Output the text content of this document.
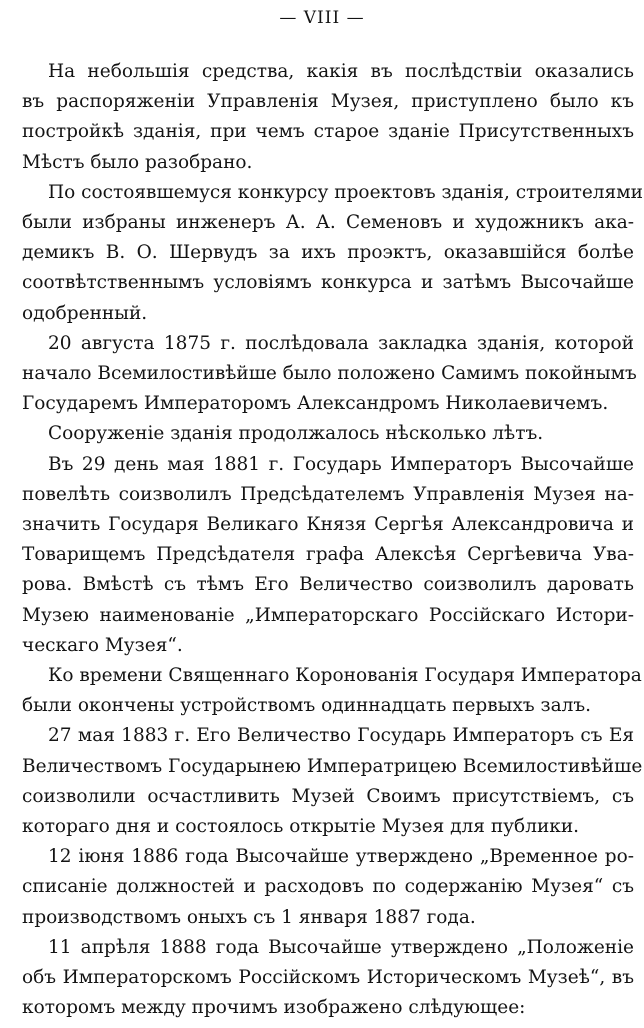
— VIII —
На небольшія средства, какія въ послѣдствіи оказались
въ распоряженіи Управленія Музея, приступлено было къ
постройкѣ зданія, при чемъ старое зданіе Присутственныхъ
Мѣстъ было разобрано.
По состоявшемуся конкурсу проектовъ зданія, строителями
были избраны инженеръ А. А. Семеновъ и художникъ ака-
демикъ В. О. Шервудъ за ихъ проэктъ, оказавшійся болѣе
соотвѣтственнымъ условіямъ конкурса и затѣмъ Высочайше
одобренный.
20 августа 1875 г. послѣдовала закладка зданія, которой
начало Всемилостивѣйше было положено Самимъ покойнымъ
Государемъ Императоромъ Александромъ Николаевичемъ.
Сооруженіе зданія продолжалось нѣсколько лѣтъ.
Въ 29 день мая 1881 г. Государь Императоръ Высочайше
повелѣть соизволилъ Предсѣдателемъ Управленія Музея на-
значить Государя Великаго Князя Сергѣя Александровича и
Товарищемъ Предсѣдателя графа Алексѣя Сергѣевича Ува-
рова. Вмѣстѣ съ тѣмъ Его Величество соизволилъ даровать
Музею наименованіе „Императорскаго Россійскаго Истори-
ческаго Музея“.
Ко времени Священнаго Коронованія Государя Императора
были окончены устройствомъ одиннадцать первыхъ залъ.
27 мая 1883 г. Его Величество Государь Императоръ съ Ея
Величествомъ Государынею Императрицею Всемилостивѣйше
соизволили осчастливить Музей Своимъ присутствіемъ, съ
котораго дня и состоялось открытіе Музея для публики.
12 іюня 1886 года Высочайше утверждено „Временное ро-
списаніе должностей и расходовъ по содержанію Музея“ съ
производствомъ оныхъ съ 1 января 1887 года.
11 апрѣля 1888 года Высочайше утверждено „Положеніе
объ Императорскомъ Россійскомъ Историческомъ Музеѣ“, въ
которомъ между прочимъ изображено слѣдующее:
